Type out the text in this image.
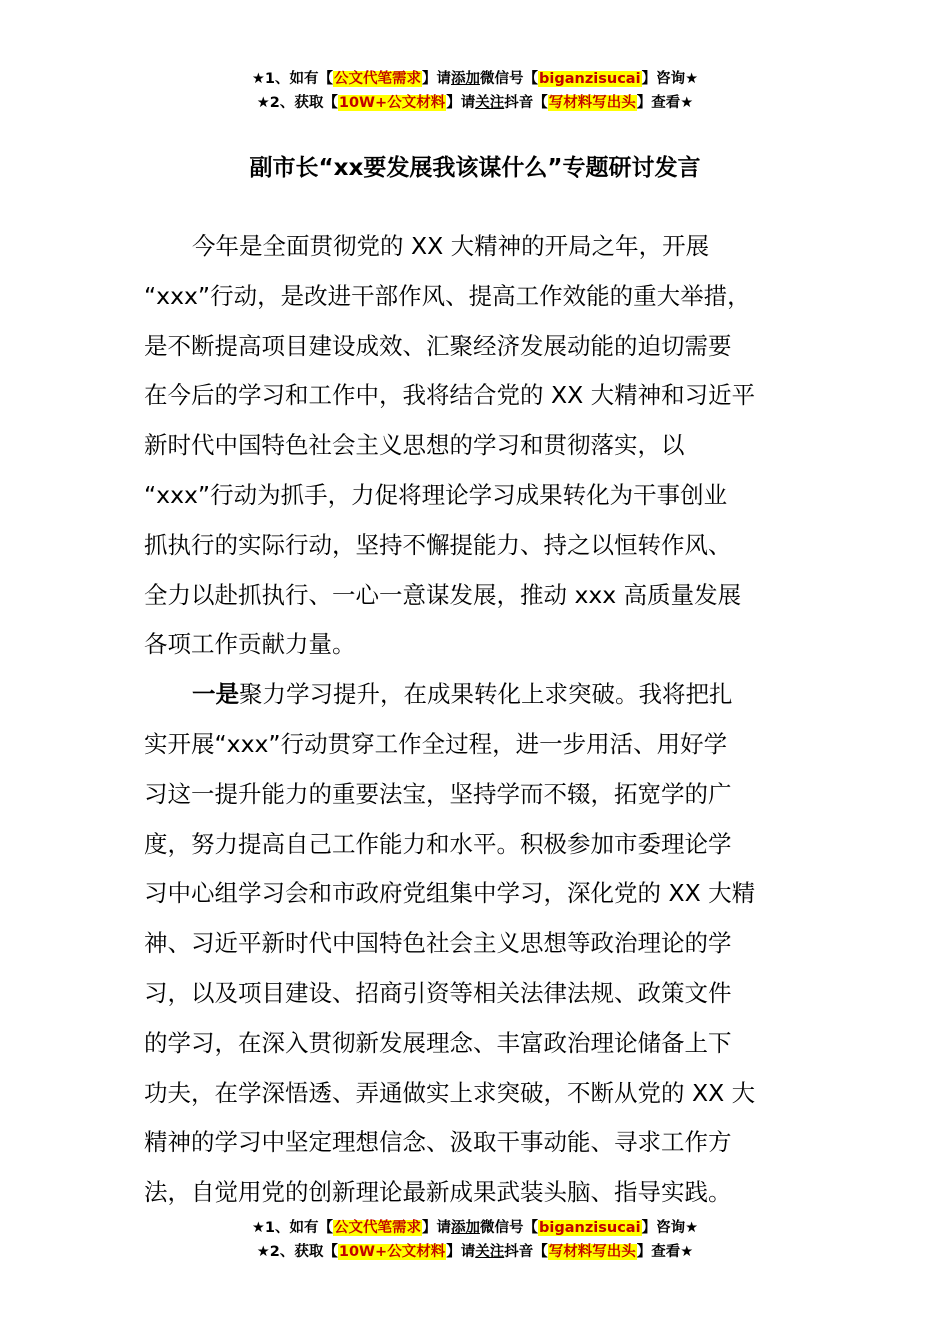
★1、如有【公文代笔需求】请添加微信号【biganzisucai】咨询★
★2、获取【10W+公文材料】请关注抖音【写材料写出头】查看★
副市长“xx要发展我该谋什么”专题研讨发言
今年是全面贯彻党的 XX 大精神的开局之年，开展
“xxx”行动，是改进干部作风、提高工作效能的重大举措，
是不断提高项目建设成效、汇聚经济发展动能的迫切需要
在今后的学习和工作中，我将结合党的 XX 大精神和习近平
新时代中国特色社会主义思想的学习和贯彻落实，以
“xxx”行动为抓手，力促将理论学习成果转化为干事创业
抓执行的实际行动，坚持不懈提能力、持之以恒转作风、
全力以赴抓执行、一心一意谋发展，推动 xxx 高质量发展
各项工作贡献力量。
一是聚力学习提升，在成果转化上求突破。我将把扎
实开展“xxx”行动贯穿工作全过程，进一步用活、用好学
习这一提升能力的重要法宝，坚持学而不辍，拓宽学的广
度，努力提高自己工作能力和水平。积极参加市委理论学
习中心组学习会和市政府党组集中学习，深化党的 XX 大精
神、习近平新时代中国特色社会主义思想等政治理论的学
习，以及项目建设、招商引资等相关法律法规、政策文件
的学习，在深入贯彻新发展理念、丰富政治理论储备上下
功夫，在学深悟透、弄通做实上求突破，不断从党的 XX 大
精神的学习中坚定理想信念、汲取干事动能、寻求工作方
法，自觉用党的创新理论最新成果武装头脑、指导实践。
★1、如有【公文代笔需求】请添加微信号【biganzisucai】咨询★
★2、获取【10W+公文材料】请关注抖音【写材料写出头】查看★
